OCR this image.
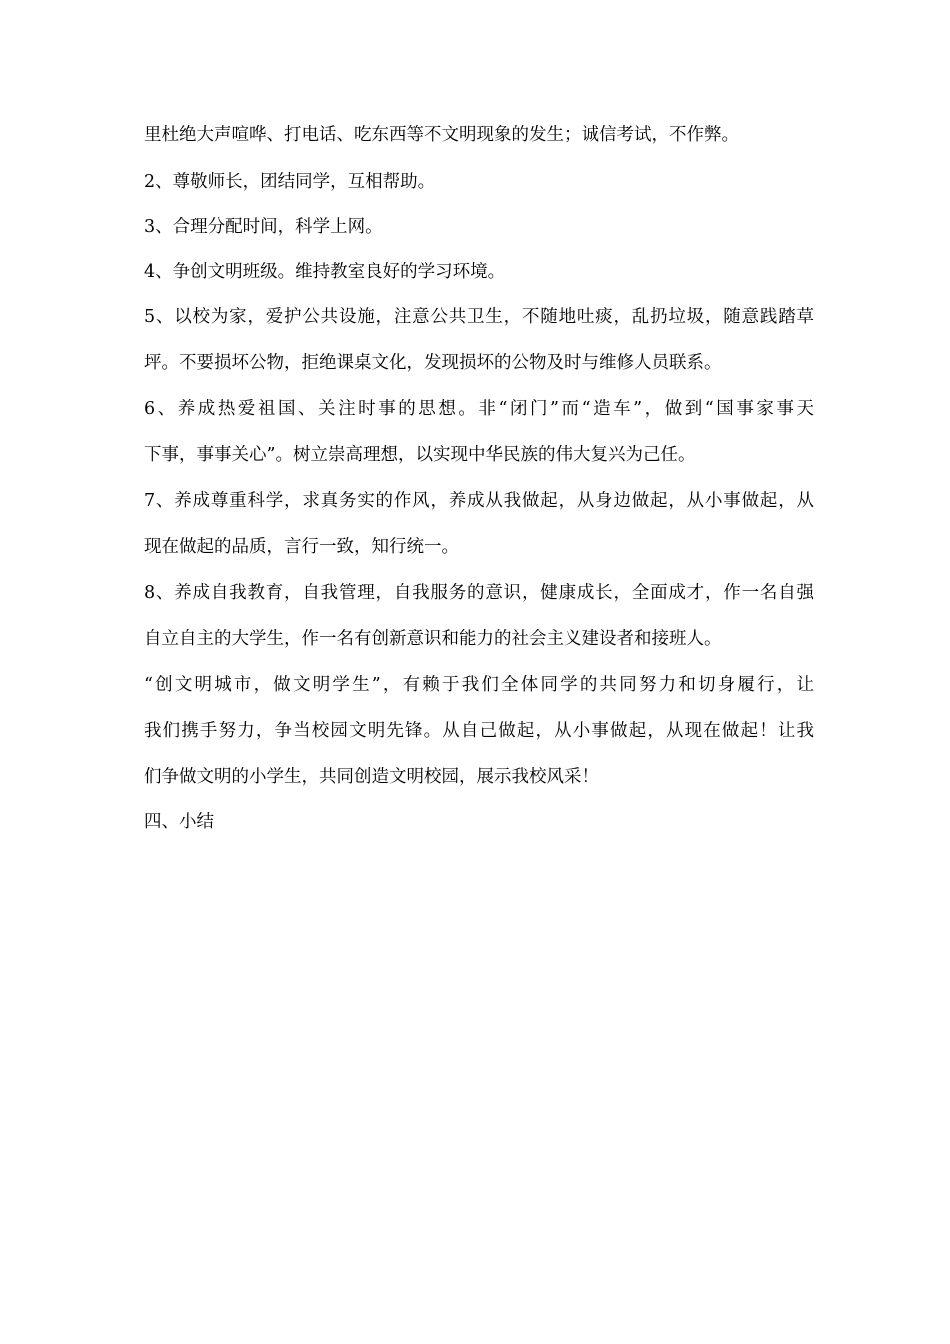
里杜绝大声喧哗、打电话、吃东西等不文明现象的发生；诚信考试，不作弊。
2、尊敬师长，团结同学，互相帮助。
3、合理分配时间，科学上网。
4、争创文明班级。维持教室良好的学习环境。
5、以校为家，爱护公共设施，注意公共卫生，不随地吐痰，乱扔垃圾，随意践踏草
坪。不要损坏公物，拒绝课桌文化，发现损坏的公物及时与维修人员联系。
6、养成热爱祖国、关注时事的思想。非“闭门”而“造车”，做到“国事家事天
下事，事事关心”。树立崇高理想，以实现中华民族的伟大复兴为己任。
7、养成尊重科学，求真务实的作风，养成从我做起，从身边做起，从小事做起，从
现在做起的品质，言行一致，知行统一。
8、养成自我教育，自我管理，自我服务的意识，健康成长，全面成才，作一名自强
自立自主的大学生，作一名有创新意识和能力的社会主义建设者和接班人。
“创文明城市，做文明学生”，有赖于我们全体同学的共同努力和切身履行，让
我们携手努力，争当校园文明先锋。从自己做起，从小事做起，从现在做起！让我
们争做文明的小学生，共同创造文明校园，展示我校风采！
四、小结
